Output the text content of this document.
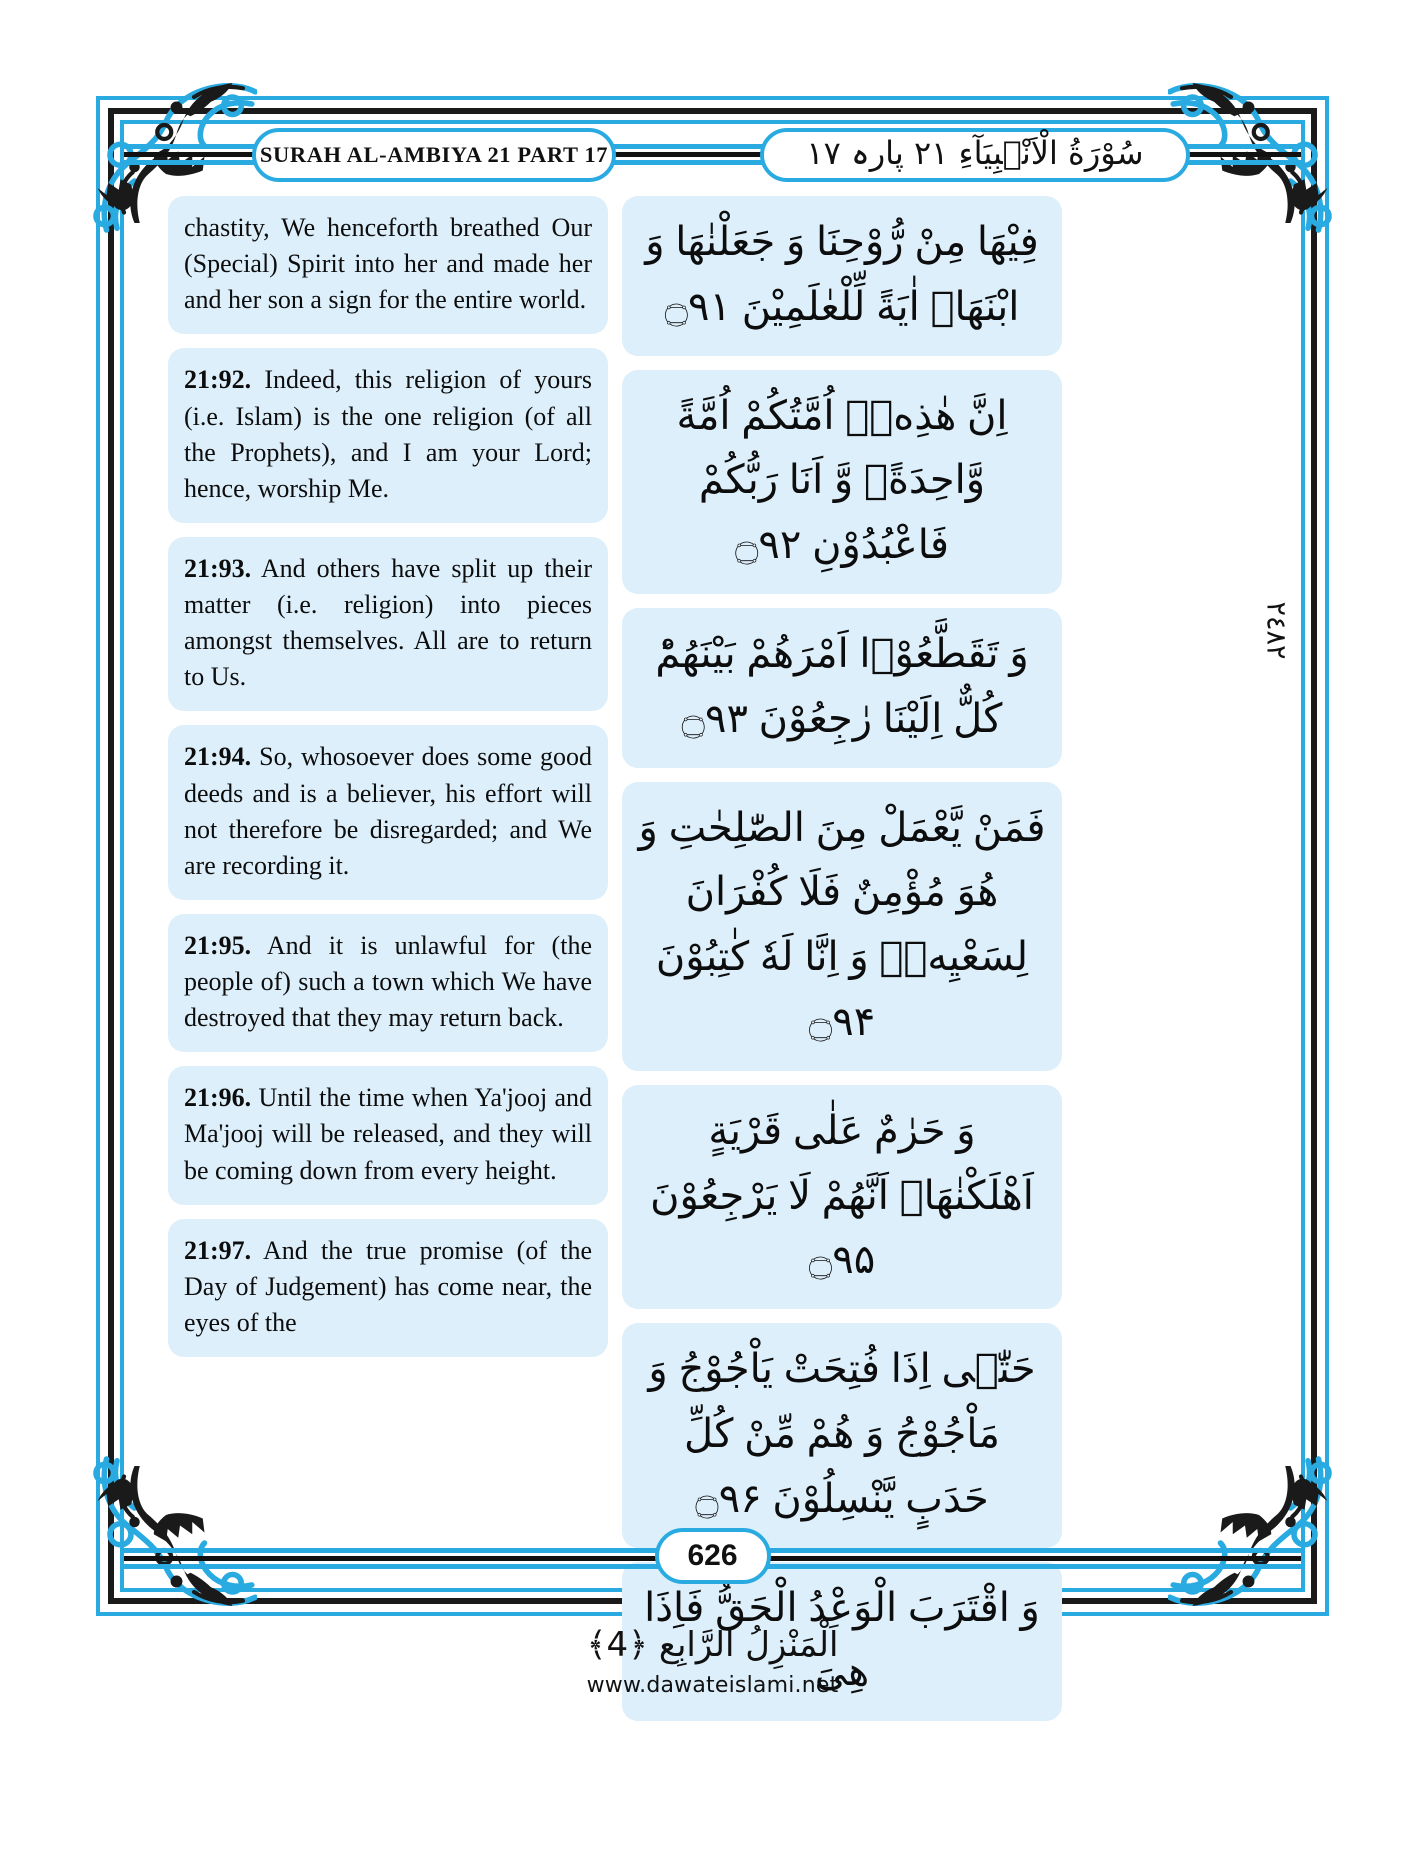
SURAH AL-AMBIYA 21 PART 17	سُوْرَةُ الْاَنْۢبِيَآءِ ٢١ پارہ ١٧

chastity, We henceforth breathed Our (Special) Spirit into her and made her and her son a sign for the entire world.

21:92. Indeed, this religion of yours (i.e. Islam) is the one religion (of all the Prophets), and I am your Lord; hence, worship Me.

21:93. And others have split up their matter (i.e. religion) into pieces amongst themselves. All are to return to Us.

21:94. So, whosoever does some good deeds and is a believer, his effort will not therefore be disregarded; and We are recording it.

21:95. And it is unlawful for (the people of) such a town which We have destroyed that they may return back.

21:96. Until the time when Ya'jooj and Ma'jooj will be released, and they will be coming down from every height.

21:97. And the true promise (of the Day of Judgement) has come near, the eyes of the

فِیْهَا مِنْ رُّوْحِنَا وَ جَعَلْنٰهَا وَ ابْنَهَاۤ اٰیَةً لِّلْعٰلَمِیْنَ ۝۹۱

اِنَّ هٰذِهٖۤ اُمَّتُكُمْ اُمَّةً وَّاحِدَةًۖ وَّ اَنَا رَبُّكُمْ فَاعْبُدُوْنِ ۝۹۲

وَ تَقَطَّعُوْۤا اَمْرَهُمْ بَیْنَهُمْؕ كُلٌّ اِلَیْنَا رٰجِعُوْنَ ۝۹۳

فَمَنْ یَّعْمَلْ مِنَ الصّٰلِحٰتِ وَ هُوَ مُؤْمِنٌ فَلَا كُفْرَانَ لِسَعْیِهٖۚ وَ اِنَّا لَهٗ كٰتِبُوْنَ ۝۹۴

وَ حَرٰمٌ عَلٰى قَرْیَةٍ اَهْلَكْنٰهَاۤ اَنَّهُمْ لَا یَرْجِعُوْنَ ۝۹۵

حَتّٰۤى اِذَا فُتِحَتْ یَاْجُوْجُ وَ مَاْجُوْجُ وَ هُمْ مِّنْ كُلِّ حَدَبٍ یَّنْسِلُوْنَ ۝۹۶

وَ اقْتَرَبَ الْوَعْدُ الْحَقُّ فَاِذَا هِیَ

٢٤٨٢
626
اَلْمَنْزِلُ الرَّابِع ﴿4﴾
www.dawateislami.net
